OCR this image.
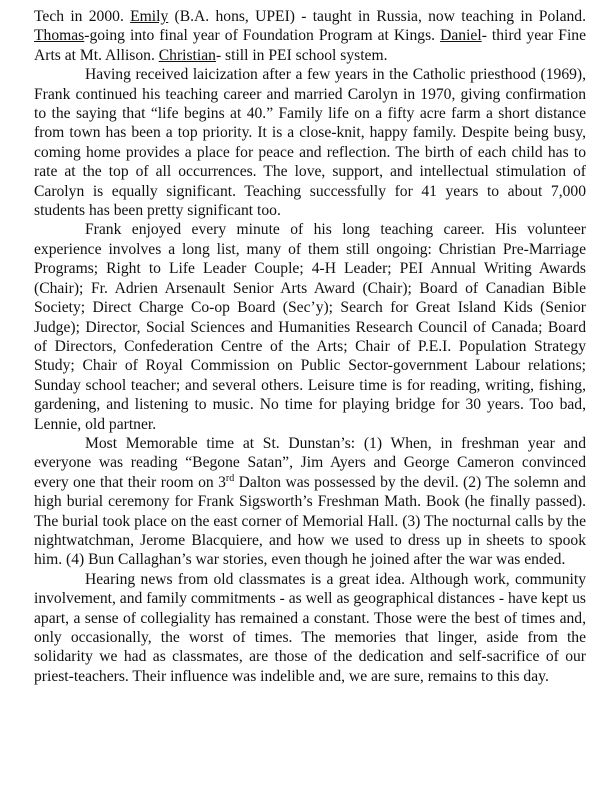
Tech in 2000. Emily (B.A. hons, UPEI) - taught in Russia, now teaching in Poland. Thomas-going into final year of Foundation Program at Kings. Daniel- third year Fine Arts at Mt. Allison. Christian- still in PEI school system.

Having received laicization after a few years in the Catholic priesthood (1969), Frank continued his teaching career and married Carolyn in 1970, giving confirmation to the saying that “life begins at 40.” Family life on a fifty acre farm a short distance from town has been a top priority. It is a close-knit, happy family. Despite being busy, coming home provides a place for peace and reflection. The birth of each child has to rate at the top of all occurrences. The love, support, and intellectual stimulation of Carolyn is equally significant. Teaching successfully for 41 years to about 7,000 students has been pretty significant too.

Frank enjoyed every minute of his long teaching career. His volunteer experience involves a long list, many of them still ongoing: Christian Pre-Marriage Programs; Right to Life Leader Couple; 4-H Leader; PEI Annual Writing Awards (Chair); Fr. Adrien Arsenault Senior Arts Award (Chair); Board of Canadian Bible Society; Direct Charge Co-op Board (Sec’y); Search for Great Island Kids (Senior Judge); Director, Social Sciences and Humanities Research Council of Canada; Board of Directors, Confederation Centre of the Arts; Chair of P.E.I. Population Strategy Study; Chair of Royal Commission on Public Sector-government Labour relations; Sunday school teacher; and several others. Leisure time is for reading, writing, fishing, gardening, and listening to music. No time for playing bridge for 30 years. Too bad, Lennie, old partner.

Most Memorable time at St. Dunstan’s: (1) When, in freshman year and everyone was reading “Begone Satan”, Jim Ayers and George Cameron convinced every one that their room on 3rd Dalton was possessed by the devil. (2) The solemn and high burial ceremony for Frank Sigsworth’s Freshman Math. Book (he finally passed). The burial took place on the east corner of Memorial Hall. (3) The nocturnal calls by the nightwatchman, Jerome Blacquiere, and how we used to dress up in sheets to spook him. (4) Bun Callaghan’s war stories, even though he joined after the war was ended.

Hearing news from old classmates is a great idea. Although work, community involvement, and family commitments - as well as geographical distances - have kept us apart, a sense of collegiality has remained a constant. Those were the best of times and, only occasionally, the worst of times. The memories that linger, aside from the solidarity we had as classmates, are those of the dedication and self-sacrifice of our priest-teachers. Their influence was indelible and, we are sure, remains to this day.
